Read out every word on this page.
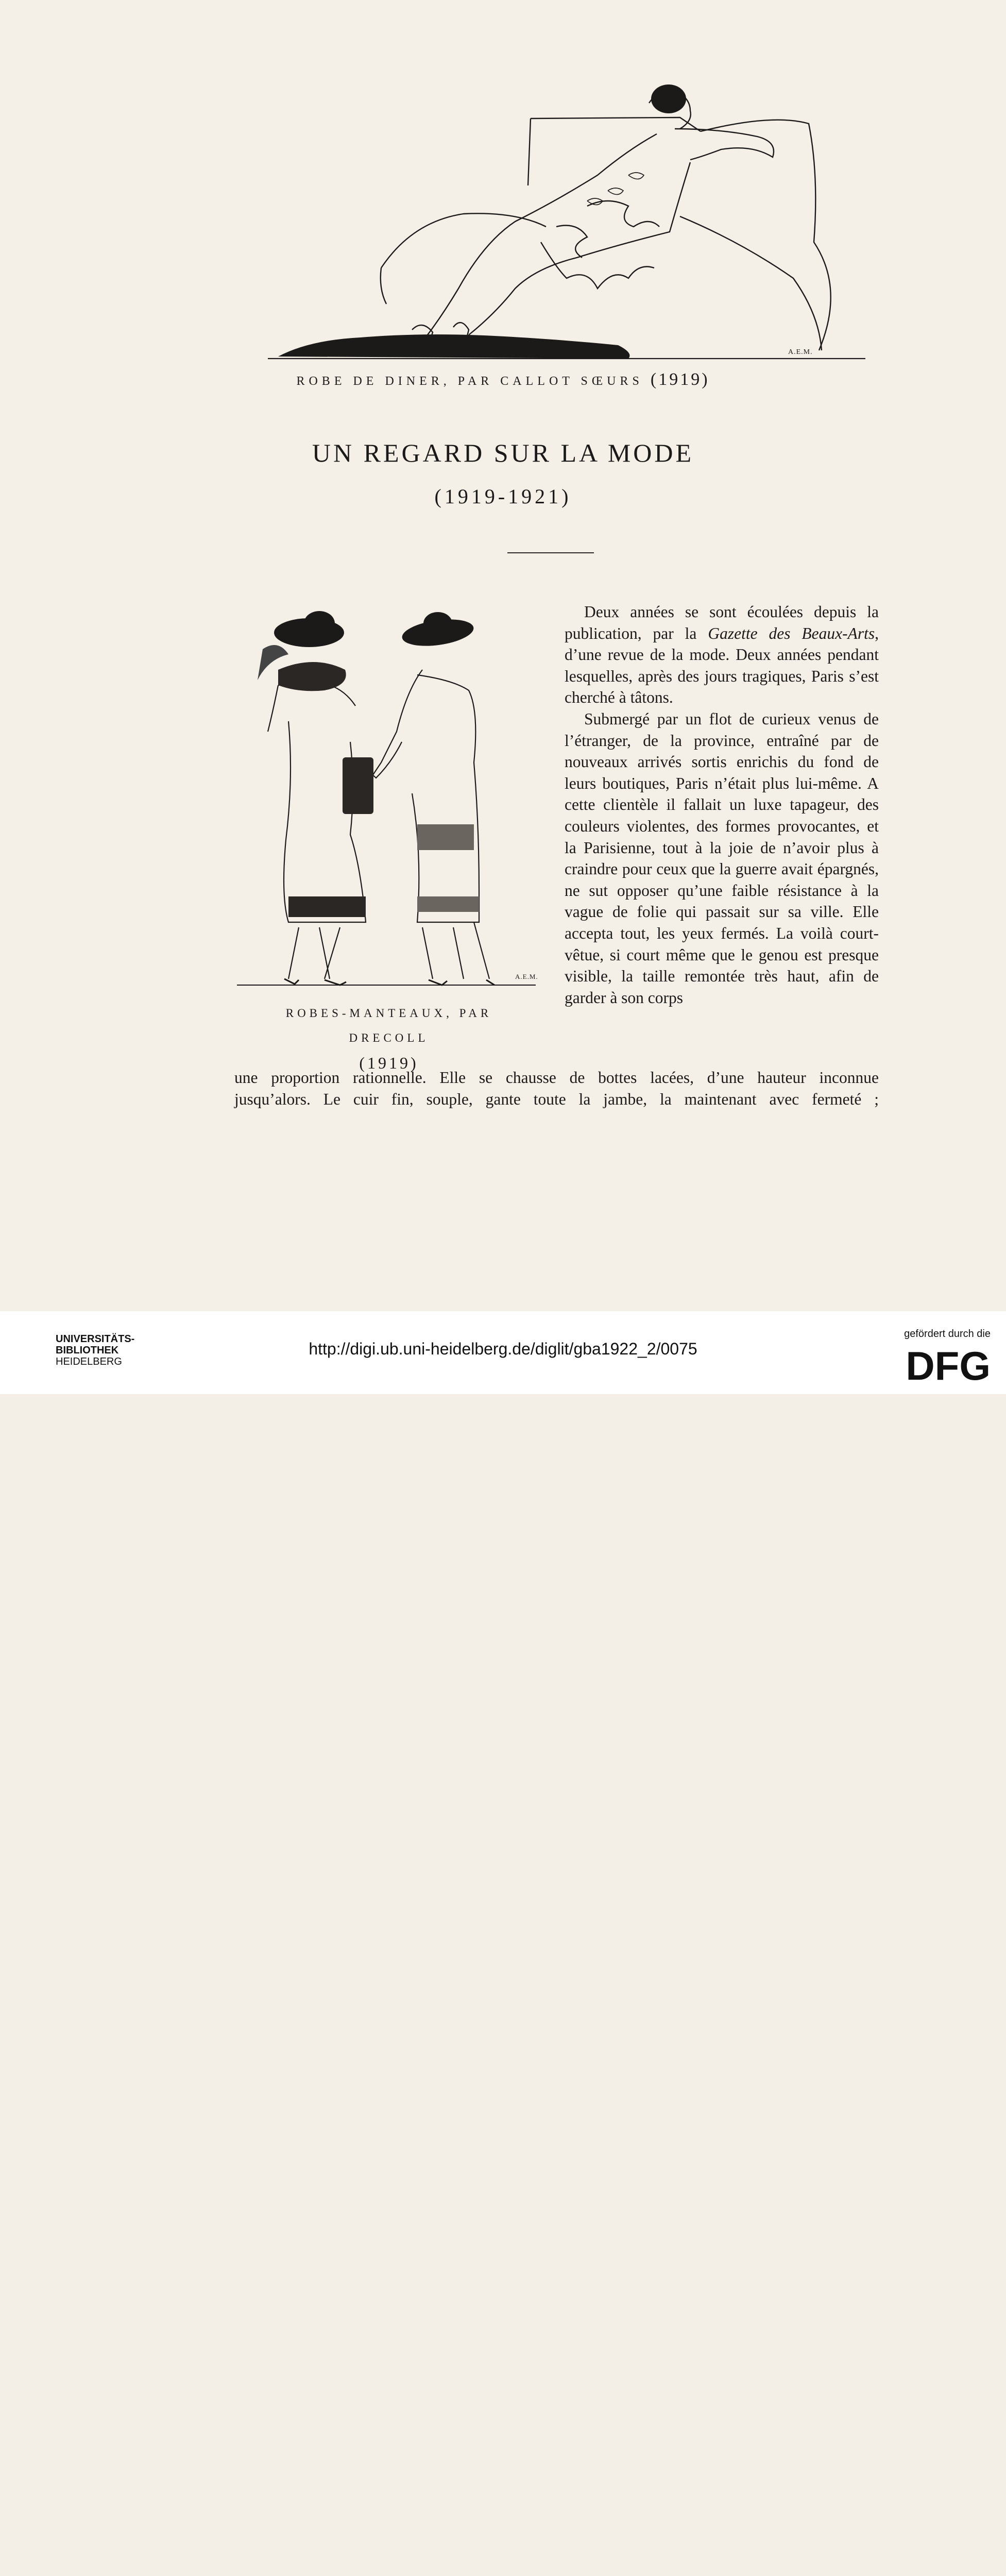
A.E.M.
ROBE DE DINER, PAR CALLOT SŒURS (1919)
UN REGARD SUR LA MODE
(1919-1921)
A.E.M.
ROBES-MANTEAUX, PAR DRECOLL
(1919)

Deux années se sont écoulées depuis la publication, par la Gazette des Beaux-Arts, d’une revue de la mode. Deux années pendant lesquelles, après des jours tragiques, Paris s’est cherché à tâtons.

Submergé par un flot de curieux venus de l’étranger, de la province, entraîné par de nouveaux arrivés sortis enrichis du fond de leurs boutiques, Paris n’était plus lui-même. A cette clientèle il fallait un luxe tapageur, des couleurs violentes, des formes provocantes, et la Parisienne, tout à la joie de n’avoir plus à craindre pour ceux que la guerre avait épargnés, ne sut opposer qu’une faible résistance à la vague de folie qui passait sur sa ville. Elle accepta tout, les yeux fermés. La voilà court-vêtue, si court même que le genou est presque visible, la taille remontée très haut, afin de garder à son corps

une proportion rationnelle. Elle se chausse de bottes lacées, d’une hauteur inconnue
jusqu’alors. Le cuir fin, souple, gante toute la jambe, la maintenant avec fermeté ;
UNIVERSITÄTS-
BIBLIOTHEK
HEIDELBERG
http://digi.ub.uni-heidelberg.de/diglit/gba1922_2/0075
gefördert durch die
DFG
